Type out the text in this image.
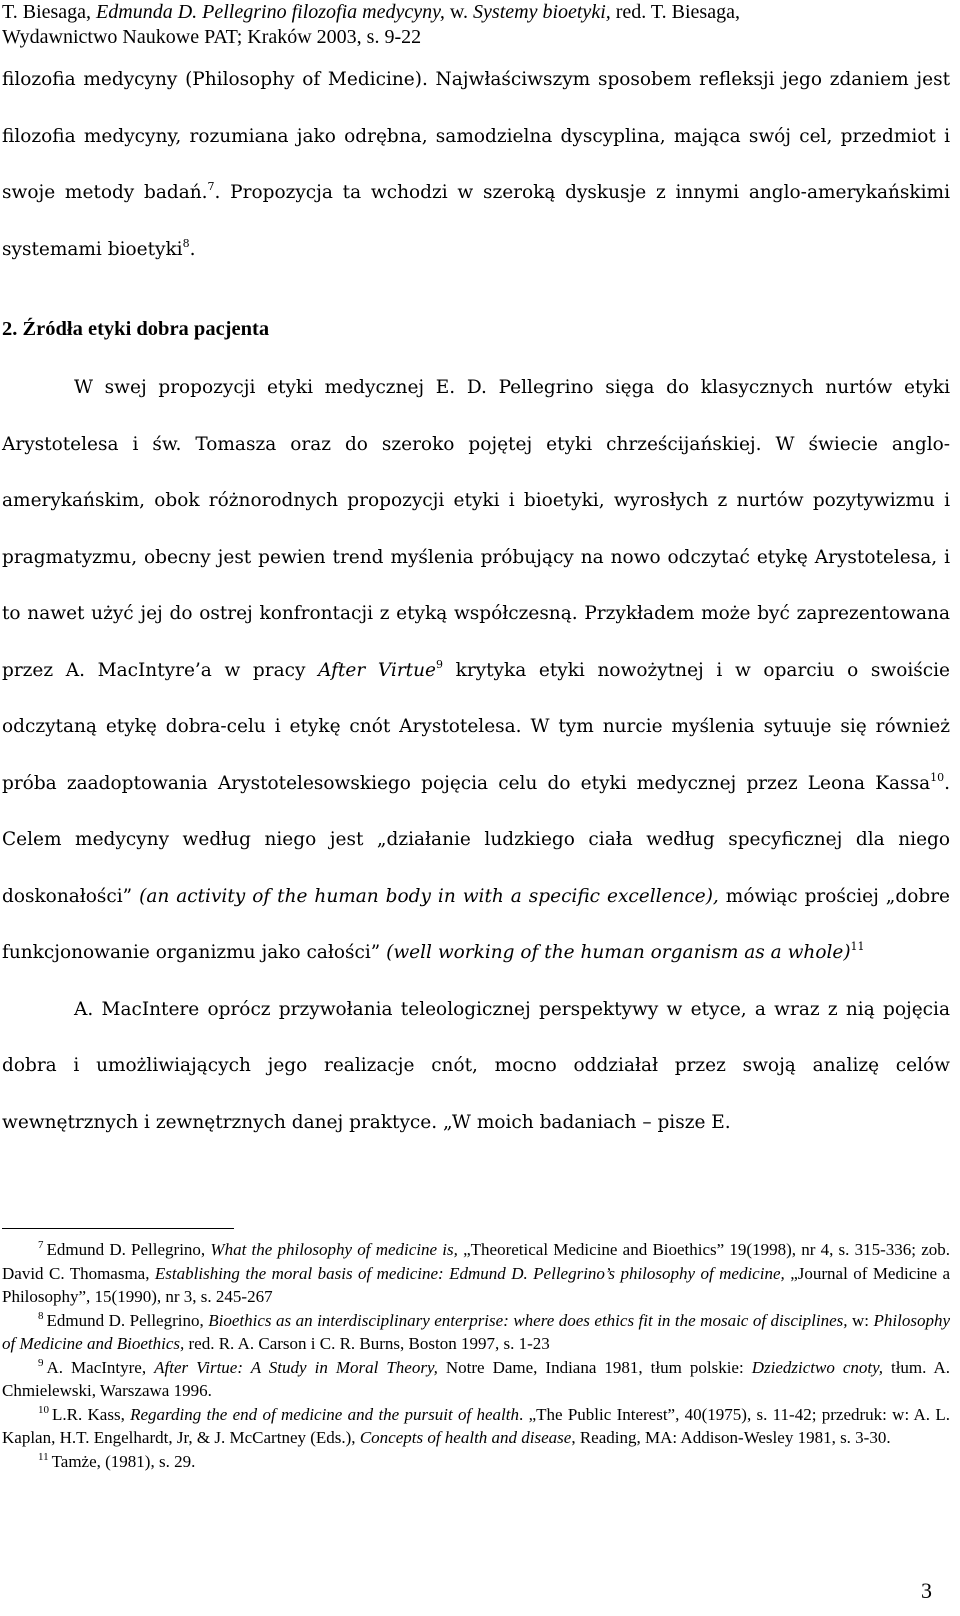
T. Biesaga, Edmunda D. Pellegrino filozofia medycyny, w. Systemy bioetyki, red. T. Biesaga,
Wydawnictwo Naukowe PAT; Kraków 2003, s. 9-22

filozofia medycyny (Philosophy of Medicine). Najwłaściwszym sposobem refleksji jego zdaniem jest filozofia medycyny, rozumiana jako odrębna, samodzielna dyscyplina, mająca swój cel, przedmiot i swoje metody badań.$^7$. Propozycja ta wchodzi w szeroką dyskusje z innymi anglo-amerykańskimi systemami bioetyki$^8$.

2. Źródła etyki dobra pacjenta

W swej propozycji etyki medycznej E. D. Pellegrino sięga do klasycznych nurtów etyki Arystotelesa i św. Tomasza oraz do szeroko pojętej etyki chrześcijańskiej. W świecie anglo-amerykańskim, obok różnorodnych propozycji etyki i bioetyki, wyrosłych z nurtów pozytywizmu i pragmatyzmu, obecny jest pewien trend myślenia próbujący na nowo odczytać etykę Arystotelesa, i to nawet użyć jej do ostrej konfrontacji z etyką współczesną. Przykładem może być zaprezentowana przez A. MacIntyre’a w pracy After Virtue$^9$ krytyka etyki nowożytnej i w oparciu o swoiście odczytaną etykę dobra-celu i etykę cnót Arystotelesa. W tym nurcie myślenia sytuuje się również próba zaadoptowania Arystotelesowskiego pojęcia celu do etyki medycznej przez Leona Kassa$^{10}$. Celem medycyny według niego jest „działanie ludzkiego ciała według specyficznej dla niego doskonałości” (an activity of the human body in with a specific excellence), mówiąc prościej „dobre funkcjonowanie organizmu jako całości” (well working of the human organism as a whole)$^{11}$

A. MacIntere oprócz przywołania teleologicznej perspektywy w etyce, a wraz z nią pojęcia dobra i umożliwiających jego realizacje cnót, mocno oddziałał przez swoją analizę celów wewnętrznych i zewnętrznych danej praktyce. „W moich badaniach – pisze E.

$^7$ Edmund D. Pellegrino, What the philosophy of medicine is, „Theoretical Medicine and Bioethics” 19(1998), nr 4, s. 315-336; zob. David C. Thomasma, Establishing the moral basis of medicine: Edmund D. Pellegrino’s philosophy of medicine, „Journal of Medicine a Philosophy”, 15(1990), nr 3, s. 245-267

$^8$ Edmund D. Pellegrino, Bioethics as an interdisciplinary enterprise: where does ethics fit in the mosaic of disciplines, w: Philosophy of Medicine and Bioethics, red. R. A. Carson i C. R. Burns, Boston 1997, s. 1-23

$^9$ A. MacIntyre, After Virtue: A Study in Moral Theory, Notre Dame, Indiana 1981, tłum polskie: Dziedzictwo cnoty, tłum. A. Chmielewski, Warszawa 1996.

$^{10}$ L.R. Kass, Regarding the end of medicine and the pursuit of health. „The Public Interest”, 40(1975), s. 11-42; przedruk: w: A. L. Kaplan, H.T. Engelhardt, Jr, & J. McCartney (Eds.), Concepts of health and disease, Reading, MA: Addison-Wesley 1981, s. 3-30.

$^{11}$ Tamże, (1981), s. 29.

3
